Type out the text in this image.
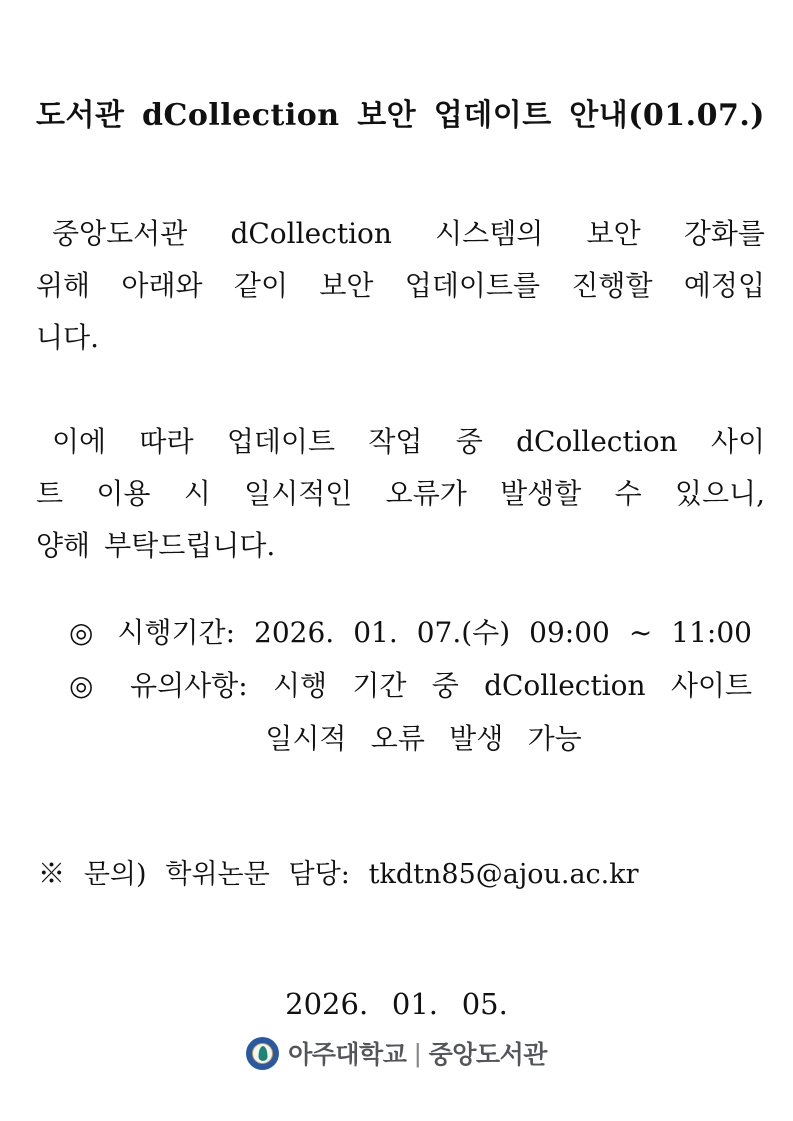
도서관 dCollection 보안 업데이트 안내(01.07.)
중앙도서관 dCollection 시스템의 보안 강화를
위해 아래와 같이 보안 업데이트를 진행할 예정입
니다.
이에 따라 업데이트 작업 중 dCollection 사이
트 이용 시 일시적인 오류가 발생할 수 있으니,
양해 부탁드립니다.
◎ 시행기간: 2026. 01. 07.(수) 09:00 ~ 11:00
◎ 유의사항: 시행 기간 중 dCollection 사이트
일시적 오류 발생 가능
※ 문의) 학위논문 담당: tkdtn85@ajou.ac.kr
2026. 01. 05.
아주대학교 | 중앙도서관
